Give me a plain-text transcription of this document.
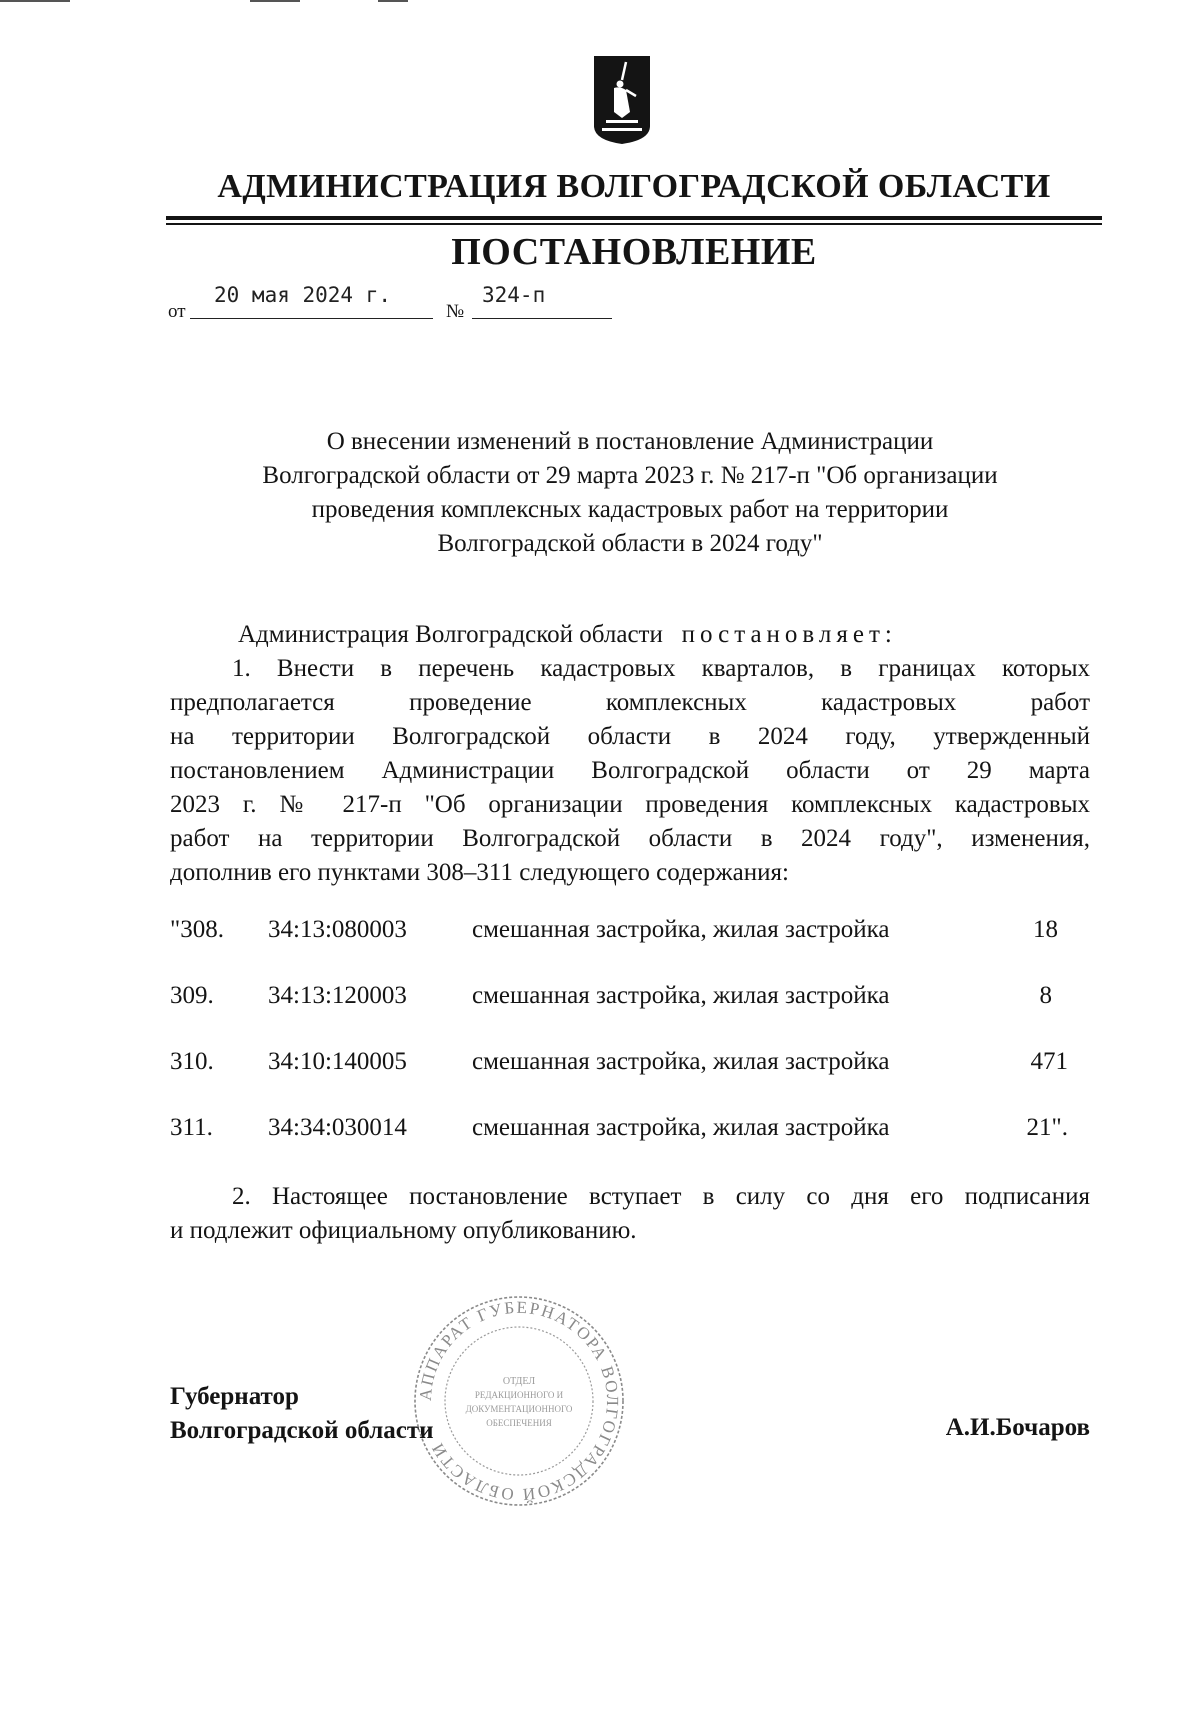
АДМИНИСТРАЦИЯ ВОЛГОГРАДСКОЙ ОБЛАСТИ
ПОСТАНОВЛЕНИЕ
от
20 мая 2024 г.
№
324-п
О внесении изменений в постановление Администрации
Волгоградской области от 29 марта 2023 г. № 217-п "Об организации
проведения комплексных кадастровых работ на территории
Волгоградской области в 2024 году"
Администрация Волгоградской области постановляет:

1. Внести в перечень кадастровых кварталов, в границах которых

предполагается проведение комплексных кадастровых работ

на территории Волгоградской области в 2024 году, утвержденный

постановлением Администрации Волгоградской области от 29 марта

2023 г. № 217-п "Об организации проведения комплексных кадастровых

работ на территории Волгоградской области в 2024 году", изменения,

дополнив его пунктами 308–311 следующего содержания:

"308. 34:13:080003	смешанная застройка, жилая застройка	18
309. 34:13:120003	смешанная застройка, жилая застройка	8
310. 34:10:140005	смешанная застройка, жилая застройка	471
311. 34:34:030014	смешанная застройка, жилая застройка	21".

2. Настоящее постановление вступает в силу со дня его подписания

и подлежит официальному опубликованию.

Губернатор
Волгоградской области	А.И.Бочаров
АППАРАТ ГУБЕРНАТОРА ВОЛГОГРАДСКОЙ ОБЛАСТИ
ОТДЕЛ
РЕДАКЦИОННОГО И
ДОКУМЕНТАЦИОННОГО
ОБЕСПЕЧЕНИЯ
